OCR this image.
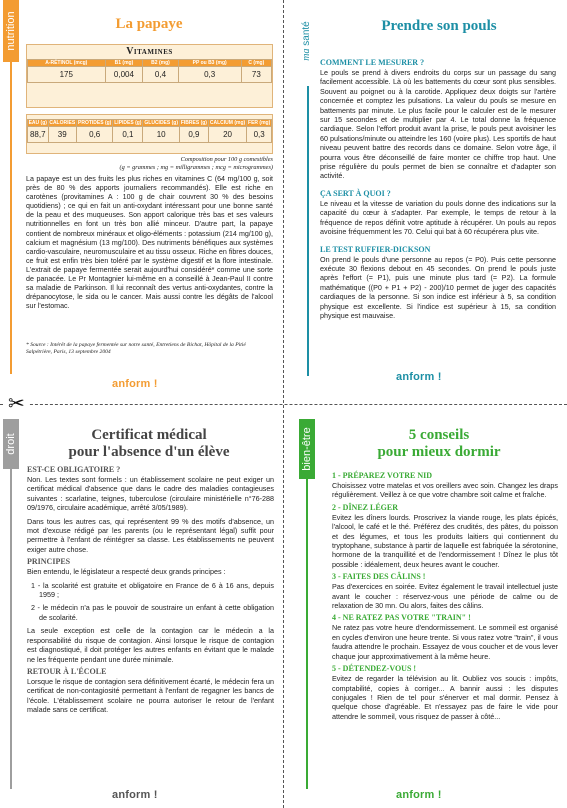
✂
nutrition	La papaye
Vitamines
A-RÉTINOL (mcg)	B1 (mg)	B2 (mg)	PP ou B3 (mg)	C (mg)
175	0,004	0,4	0,3	73
EAU (g)	CALORIES	PROTIDES (g)	LIPIDES (g)	GLUCIDES (g)	FIBRES (g)	CALCIUM (mg)	FER (mg)
88,7	39	0,6	0,1	10	0,9	20	0,3
Composition pour 100 g comestibles
(g = grammes ; mg = milligrammes ; mcg = microgrammes)
La papaye est un des fruits les plus riches en vitamines C (64 mg/100 g, soit près de 80 % des apports journaliers recommandés). Elle est riche en carotènes (provitamines A : 100 g de chair couvrent 30 % des besoins quotidiens) ; ce qui en fait un anti-oxydant intéressant pour une bonne santé de la peau et des muqueuses. Son apport calorique très bas et ses valeurs nutritionnelles en font un très bon allié minceur. D'autre part, la papaye contient de nombreux minéraux et oligo-éléments : potassium (214 mg/100 g), calcium et magnésium (13 mg/100). Des nutriments bénéfiques aux systèmes cardio-vasculaire, neuromusculaire et au tissu osseux. Riche en fibres douces, ce fruit est enfin très bien toléré par le système digestif et la flore intestinale. L'extrait de papaye fermentée serait aujourd'hui considéré* comme une sorte de panacée. Le Pr Montagnier lui-même en a conseillé à Jean-Paul II contre sa maladie de Parkinson. Il lui reconnaît des vertus anti-oxydantes, contre la drépanocytose, le sida ou le cancer. Mais aussi contre les dégâts de l'alcool sur l'estomac.
* Source : Intérêt de la papaye fermentée sur notre santé, Entretiens de Bichat, Hôpital de la Pitié Salpétrière, Paris, 13 septembre 2004
anform !
ma santé	Prendre son pouls
COMMENT LE MESURER ?
Le pouls se prend à divers endroits du corps sur un passage du sang facilement accessible. Là où les battements du cœur sont plus sensibles. Souvent au poignet ou à la carotide. Appliquez deux doigts sur l'artère concernée et comptez les pulsations. La valeur du pouls se mesure en battements par minute. Le plus facile pour le calculer est de le mesurer sur 15 secondes et de multiplier par 4. Le total donne la fréquence cardiaque. Selon l'effort produit avant la prise, le pouls peut avoisiner les 60 pulsations/minute ou atteindre les 160 (voire plus). Les sportifs de haut niveau peuvent battre des records dans ce domaine. Selon votre âge, il pourra vous être déconseillé de faire monter ce chiffre trop haut. Une prise régulière du pouls permet de bien se connaître et d'adapter son activité.
ÇA SERT À QUOI ?
Le niveau et la vitesse de variation du pouls donne des indications sur la capacité du cœur à s'adapter. Par exemple, le temps de retour à la fréquence de repos définit votre aptitude à récupérer. Un pouls au repos avoisine fréquemment les 70. Celui qui bat à 60 récupérera plus vite.
LE TEST RUFFIER-DICKSON
On prend le pouls d'une personne au repos (= P0). Puis cette personne exécute 30 flexions debout en 45 secondes. On prend le pouls juste après l'effort (= P1), puis une minute plus tard (= P2). La formule mathématique ((P0 + P1 + P2) - 200)/10 permet de juger des capacités cardiaques de la personne. Si son indice est inférieur à 5, sa condition physique est excellente. Si l'indice est supérieur à 15, sa condition physique est mauvaise.
anform !
droit	Certificat médical
pour l'absence d'un élève
EST-CE OBLIGATOIRE ?
Non. Les textes sont formels : un établissement scolaire ne peut exiger un certificat médical d'absence que dans le cadre des maladies contagieuses suivantes : scarlatine, teignes, tuberculose (circulaire ministérielle n°76-288 09/1976, circulaire académique, arrêté 3/05/1989).
Dans tous les autres cas, qui représentent 99 % des motifs d'absence, un mot d'excuse rédigé par les parents (ou le représentant légal) suffit pour permettre à l'enfant de réintégrer sa classe. Les établissements ne peuvent exiger autre chose.
PRINCIPES
Bien entendu, le législateur a respecté deux grands principes :
1 - la scolarité est gratuite et obligatoire en France de 6 à 16 ans, depuis 1959 ;
2 - le médecin n'a pas le pouvoir de soustraire un enfant à cette obligation de scolarité.
La seule exception est celle de la contagion car le médecin a la responsabilité du risque de contagion. Ainsi lorsque le risque de contagion est diagnostiqué, il doit protéger les autres enfants en évitant que le malade ne les fréquente pendant une durée minimale.
RETOUR À L'ÉCOLE
Lorsque le risque de contagion sera définitivement écarté, le médecin fera un certificat de non-contagiosité permettant à l'enfant de regagner les bancs de l'école. L'établissement scolaire ne pourra autoriser le retour de l'enfant malade sans ce certificat.
anform !
bien-être	5 conseils
pour mieux dormir
1 - PRÉPAREZ VOTRE NID
Choisissez votre matelas et vos oreillers avec soin. Changez les draps régulièrement. Veillez à ce que votre chambre soit calme et fraîche.
2 - DÎNEZ LÉGER
Evitez les dîners lourds. Proscrivez la viande rouge, les plats épicés, l'alcool, le café et le thé. Préférez des crudités, des pâtes, du poisson et des légumes, et tous les produits laitiers qui contiennent du tryptophane, substance à partir de laquelle est fabriquée la sérotonine, hormone de la tranquillité et de l'endormissement ! Dînez le plus tôt possible : idéalement, deux heures avant le coucher.
3 - FAITES DES CÂLINS !
Pas d'exercices en soirée. Evitez également le travail intellectuel juste avant le coucher : réservez-vous une période de calme ou de relaxation de 30 mn. Ou alors, faites des câlins.
4 - NE RATEZ PAS VOTRE "TRAIN" !
Ne ratez pas votre heure d'endormissement. Le sommeil est organisé en cycles d'environ une heure trente. Si vous ratez votre "train", il vous faudra attendre le prochain. Essayez de vous coucher et de vous lever chaque jour approximativement à la même heure.
5 - DÉTENDEZ-VOUS !
Evitez de regarder la télévision au lit. Oubliez vos soucis : impôts, comptabilité, copies à corriger... A bannir aussi : les disputes conjugales ! Rien de tel pour s'énerver et mal dormir. Pensez à quelque chose d'agréable. Et n'essayez pas de faire le vide pour attendre le sommeil, vous risquez de passer à côté...
anform !
